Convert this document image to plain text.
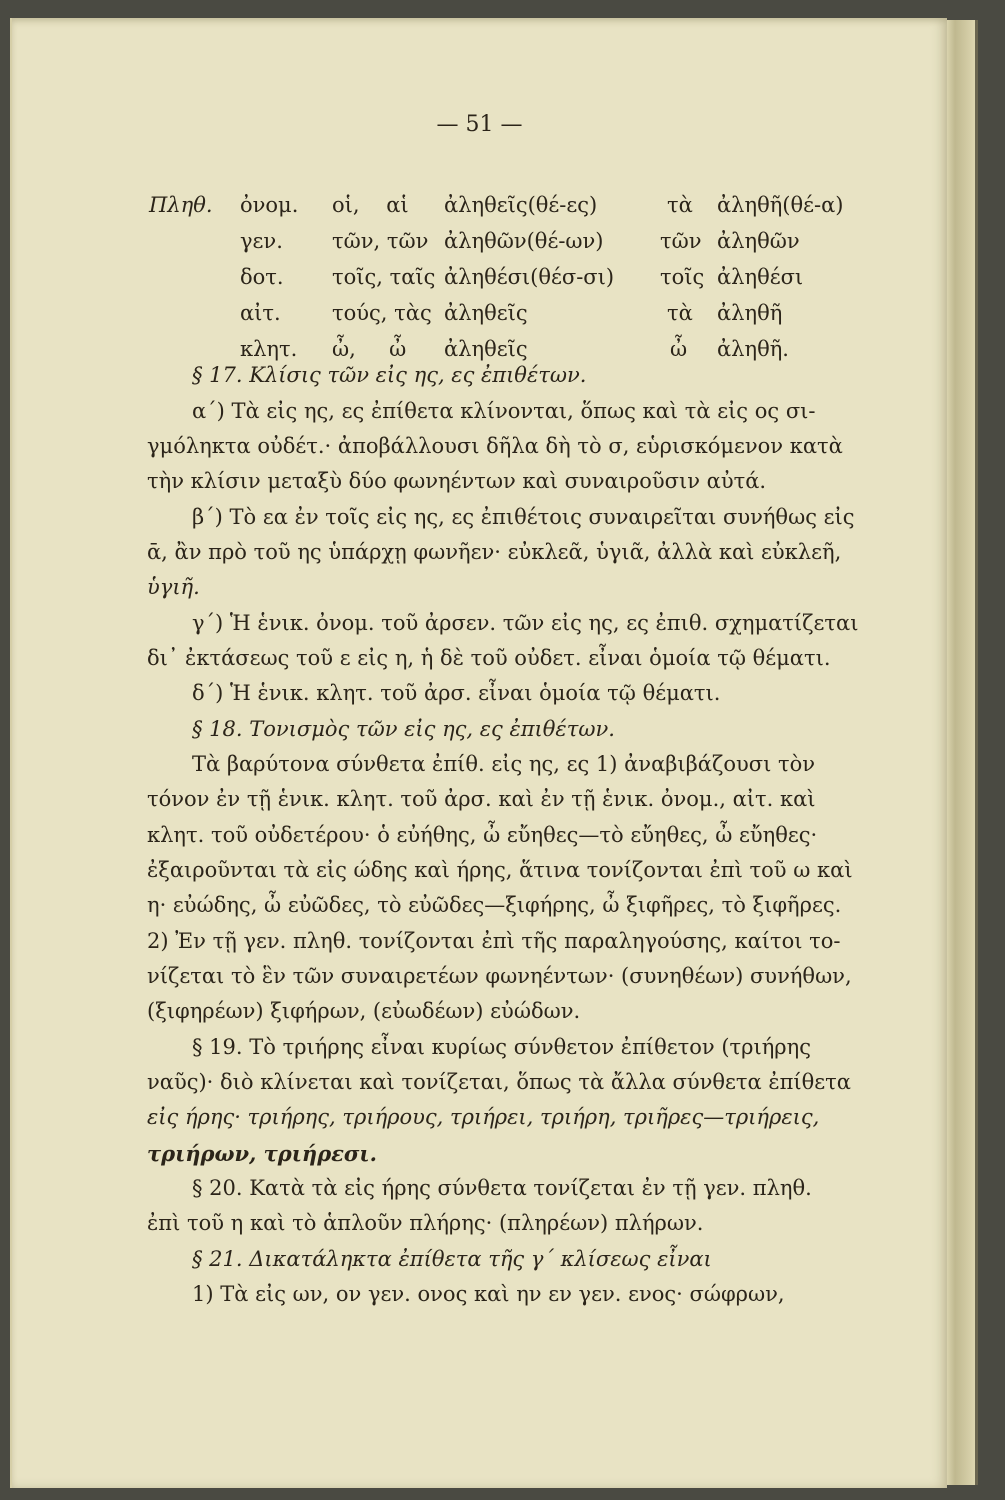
— 51 —
Πληθ. ὀνομ. οἱ,    αἱ ἀληθεῖς(θέ-ες)	τὰ ἀληθῆ(θέ-α)
γεν. τῶν, τῶν ἀληθῶν(θέ-ων)	τῶν ἀληθῶν
δοτ. τοῖς, ταῖς ἀληθέσι(θέσ-σι) τοῖς ἀληθέσι
αἰτ. τούς, τὰς ἀληθεῖς	τὰ ἀληθῆ
κλητ. ὦ,     ὦ ἀληθεῖς	ὦ ἀληθῆ.
§ 17. Κλίσις τῶν εἰς ης, ες ἐπιθέτων.
α΄) Τὰ εἰς ης, ες ἐπίθετα κλίνονται, ὅπως καὶ τὰ εἰς ος σι-
γμόληκτα οὐδέτ.· ἀποβάλλουσι δῆλα δὴ τὸ σ, εὑρισκόμενον κατὰ
τὴν κλίσιν μεταξὺ δύο φωνηέντων καὶ συναιροῦσιν αὐτά.
β΄) Τὸ εα ἐν τοῖς εἰς ης, ες ἐπιθέτοις συναιρεῖται συνήθως εἰς
ᾱ, ἂν πρὸ τοῦ ης ὑπάρχῃ φωνῆεν· εὐκλεᾶ, ὑγιᾶ, ἀλλὰ καὶ εὐκλεῆ,
ὑγιῆ.
γ΄) Ἡ ἑνικ. ὀνομ. τοῦ ἀρσεν. τῶν εἰς ης, ες ἐπιθ. σχηματίζεται
δι᾽ ἐκτάσεως τοῦ ε εἰς η, ἡ δὲ τοῦ οὐδετ. εἶναι ὁμοία τῷ θέματι.
δ΄) Ἡ ἑνικ. κλητ. τοῦ ἀρσ. εἶναι ὁμοία τῷ θέματι.
§ 18. Τονισμὸς τῶν εἰς ης, ες ἐπιθέτων.
Τὰ βαρύτονα σύνθετα ἐπίθ. εἰς ης, ες 1) ἀναβιβάζουσι τὸν
τόνον ἐν τῇ ἑνικ. κλητ. τοῦ ἀρσ. καὶ ἐν τῇ ἑνικ. ὀνομ., αἰτ. καὶ
κλητ. τοῦ οὐδετέρου· ὁ εὐήθης, ὦ εὔηθες—τὸ εὔηθες, ὦ εὔηθες·
ἐξαιροῦνται τὰ εἰς ώδης καὶ ήρης, ἅτινα τονίζονται ἐπὶ τοῦ ω καὶ
η· εὐώδης, ὦ εὐῶδες, τὸ εὐῶδες—ξιφήρης, ὦ ξιφῆρες, τὸ ξιφῆρες.
2) Ἐν τῇ γεν. πληθ. τονίζονται ἐπὶ τῆς παραληγούσης, καίτοι το-
νίζεται τὸ ἓν τῶν συναιρετέων φωνηέντων· (συνηθέων) συνήθων,
(ξιφηρέων) ξιφήρων, (εὐωδέων) εὐώδων.
§ 19. Τὸ τριήρης εἶναι κυρίως σύνθετον ἐπίθετον (τριήρης
ναῦς)· διὸ κλίνεται καὶ τονίζεται, ὅπως τὰ ἄλλα σύνθετα ἐπίθετα
εἰς ήρης· τριήρης, τριήρους, τριήρει, τριήρη, τριῆρες—τριήρεις,
τριήρων, τριήρεσι.
§ 20. Κατὰ τὰ εἰς ήρης σύνθετα τονίζεται ἐν τῇ γεν. πληθ.
ἐπὶ τοῦ η καὶ τὸ ἁπλοῦν πλήρης· (πληρέων) πλήρων.
§ 21. Δικατάληκτα ἐπίθετα τῆς γ΄ κλίσεως εἶναι
1) Τὰ εἰς ων, ον γεν. ονος καὶ ην εν γεν. ενος· σώφρων,
